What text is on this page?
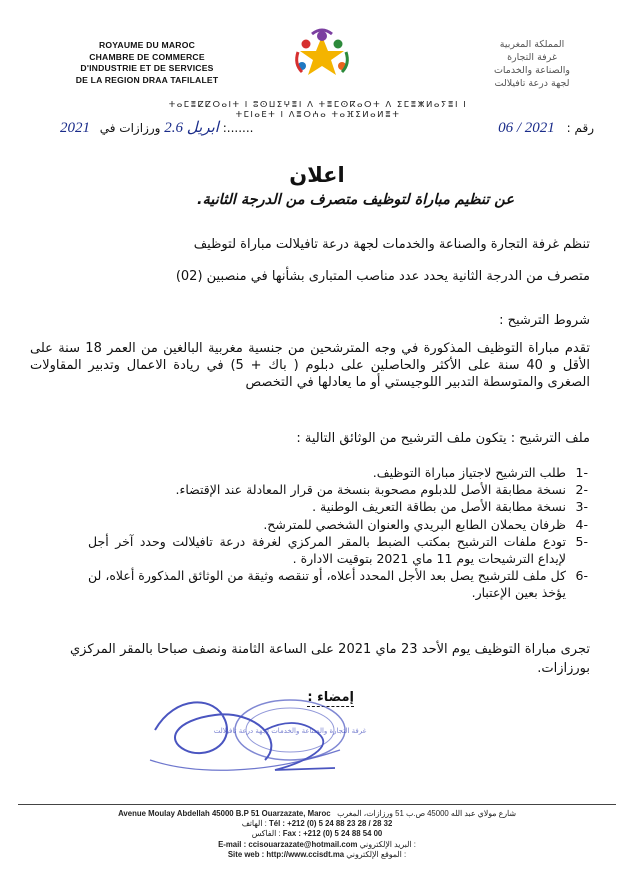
ROYAUME DU MAROC
CHAMBRE DE COMMERCE
D'INDUSTRIE ET DE SERVICES
DE LA REGION DRAA TAFILALET
المملكة المغربية
غرفة التجارة
والصناعة والخدمات
لجهة درعة تافيلالت
ⵜⴰⵎⴻⵇⵇⵔⴰⵏⵜ ⵏ ⵓⵙⵡⵉⵖⴻⵏ ⴷ ⵜⴻⵎⵙⴽⴰⵔⵜ ⴷ ⵉⵎⴻⵥⵍⴰⵢⴻⵏ ⵏ ⵜⵎⵏⴰⴹⵜ ⵏ ⴷⴻⵔⵄⴰ ⵜⴰⴼⵉⵍⴰⵍⴻⵜ
2021 ابريل 2.6 ورزازات في :.......	رقم : 2021 / 06
اعلان
عن تنظيم مباراة لتوظيف متصرف من الدرجة الثانية.
تنظم غرفة التجارة والصناعة والخدمات لجهة درعة تافيلالت مباراة لتوظيف
متصرف من الدرجة الثانية يحدد عدد مناصب المتبارى بشأنها في منصبين (02)
شروط الترشيح :
تقدم مباراة التوظيف المذكورة في وجه المترشحين من جنسية مغربية البالغين من العمر 18 سنة على الأقل و 40 سنة على الأكثر والحاصلين على دبلوم ( باك + 5) في ريادة الاعمال وتدبير المقاولات الصغرى والمتوسطة التدبير اللوجيستي أو ما يعادلها في التخصص
ملف الترشيح : يتكون ملف الترشيح من الوثائق التالية :
-1
طلب الترشيح لاجتياز مباراة التوظيف.
-2
نسخة مطابقة الأصل للدبلوم مصحوبة بنسخة من قرار المعادلة عند الإقتضاء.
-3
نسخة مطابقة الأصل من بطاقة التعريف الوطنية .
-4
ظرفان يحملان الطابع البريدي والعنوان الشخصي للمترشح.
-5
تودع ملفات الترشيح بمكتب الضبط بالمقر المركزي لغرفة درعة تافيلالت وحدد آخر أجل لإيداع الترشيحات يوم 11 ماي 2021 بتوقيت الادارة .
-6
كل ملف للترشيح يصل بعد الأجل المحدد أعلاه، أو تنقصه وثيقة من الوثائق المذكورة أعلاه، لن يؤخذ بعين الإعتبار.
تجرى مباراة التوظيف يوم الأحد 23 ماي 2021 على الساعة الثامنة ونصف صباحا بالمقر المركزي بورزازات.
إمضاء :
غرفة التجارة والصناعة والخدمات لجهة درعة تافيلالت
Avenue Moulay Abdellah 45000 B.P 51 Ouarzazate, Maroc شارع مولاي عبد الله 45000 ص.ب 51 ورزازات، المغرب
الهاتف : Tél : +212 (0) 5 24 88 23 28 / 28 32
الفاكس : Fax : +212 (0) 5 24 88 54 00
E-mail : ccisouarzazate@hotmail.com البريد الإلكتروني :
Site web : http://www.ccisdt.ma الموقع الإلكتروني :
